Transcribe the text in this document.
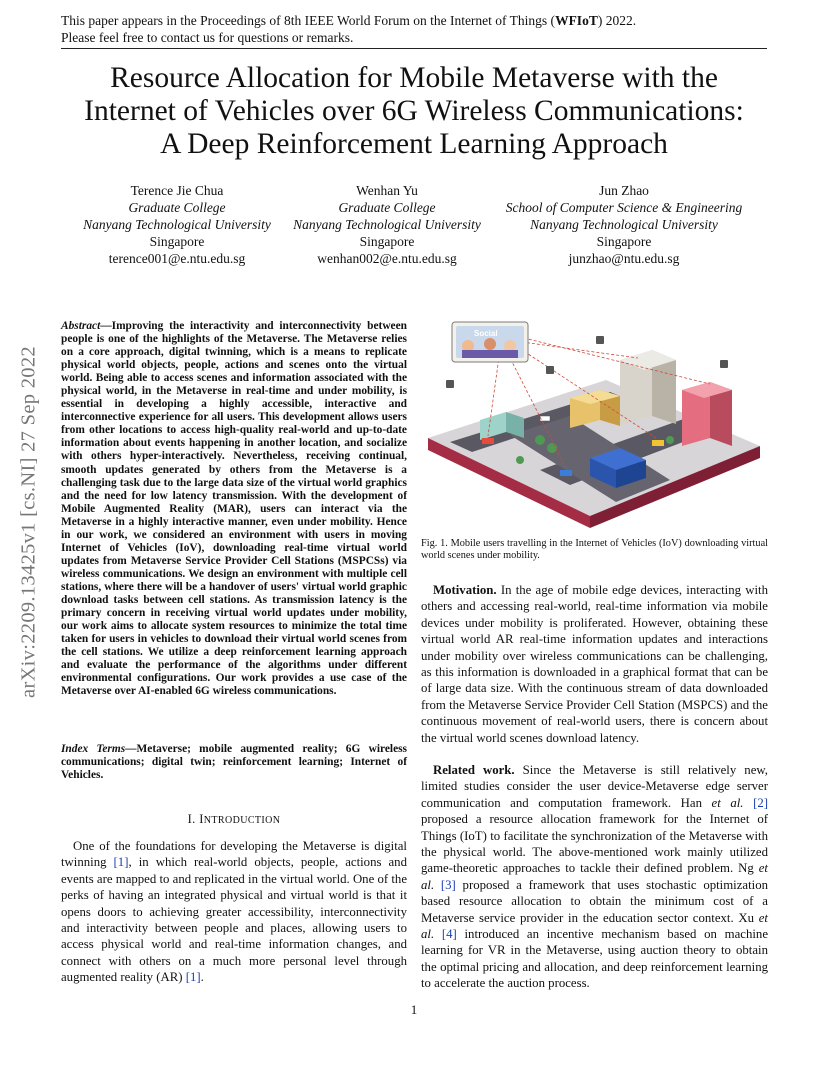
This paper appears in the Proceedings of 8th IEEE World Forum on the Internet of Things (WFIoT) 2022.
Please feel free to contact us for questions or remarks.
Resource Allocation for Mobile Metaverse with the
Internet of Vehicles over 6G Wireless Communications:
A Deep Reinforcement Learning Approach
Terence Jie Chua
Graduate College
Nanyang Technological University
Singapore
terence001@e.ntu.edu.sg
Wenhan Yu
Graduate College
Nanyang Technological University
Singapore
wenhan002@e.ntu.edu.sg
Jun Zhao
School of Computer Science & Engineering
Nanyang Technological University
Singapore
junzhao@ntu.edu.sg
arXiv:2209.13425v1 [cs.NI] 27 Sep 2022
Abstract—Improving the interactivity and interconnectivity between people is one of the highlights of the Metaverse. The Metaverse relies on a core approach, digital twinning, which is a means to replicate physical world objects, people, actions and scenes onto the virtual world. Being able to access scenes and information associated with the physical world, in the Metaverse in real-time and under mobility, is essential in developing a highly accessible, interactive and interconnective experience for all users. This development allows users from other locations to access high-quality real-world and up-to-date information about events happening in another location, and socialize with others hyper-interactively. Nevertheless, receiving continual, smooth updates generated by others from the Metaverse is a challenging task due to the large data size of the virtual world graphics and the need for low latency transmission. With the development of Mobile Augmented Reality (MAR), users can interact via the Metaverse in a highly interactive manner, even under mobility. Hence in our work, we considered an environment with users in moving Internet of Vehicles (IoV), downloading real-time virtual world updates from Metaverse Service Provider Cell Stations (MSPCSs) via wireless communications. We design an environment with multiple cell stations, where there will be a handover of users' virtual world graphic download tasks between cell stations. As transmission latency is the primary concern in receiving virtual world updates under mobility, our work aims to allocate system resources to minimize the total time taken for users in vehicles to download their virtual world scenes from the cell stations. We utilize a deep reinforcement learning approach and evaluate the performance of the algorithms under different environmental configurations. Our work provides a use case of the Metaverse over AI-enabled 6G wireless communications.
Index Terms—Metaverse; mobile augmented reality; 6G wireless communications; digital twin; reinforcement learning; Internet of Vehicles.
I. INTRODUCTION
One of the foundations for developing the Metaverse is digital twinning [1], in which real-world objects, people, actions and events are mapped to and replicated in the virtual world. One of the perks of having an integrated physical and virtual world is that it opens doors to achieving greater accessibility, interconnectivity and interactivity between people and places, allowing users to access physical world and real-time information changes, and connect with others on a much more personal level through augmented reality (AR) [1].
Social
Fig. 1. Mobile users travelling in the Internet of Vehicles (IoV) downloading virtual world scenes under mobility.
Motivation. In the age of mobile edge devices, interacting with others and accessing real-world, real-time information via mobile devices under mobility is proliferated. However, obtaining these virtual world AR real-time information updates and interactions under mobility over wireless communications can be challenging, as this information is downloaded in a graphical format that can be of large data size. With the continuous stream of data downloaded from the Metaverse Service Provider Cell Station (MSPCS) and the continuous movement of real-world users, there is concern about the virtual world scenes download latency.
Related work. Since the Metaverse is still relatively new, limited studies consider the user device-Metaverse edge server communication and computation framework. Han et al. [2] proposed a resource allocation framework for the Internet of Things (IoT) to facilitate the synchronization of the Metaverse with the physical world. The above-mentioned work mainly utilized game-theoretic approaches to tackle their defined problem. Ng et al. [3] proposed a framework that uses stochastic optimization based resource allocation to obtain the minimum cost of a Metaverse service provider in the education sector context. Xu et al. [4] introduced an incentive mechanism based on machine learning for VR in the Metaverse, using auction theory to obtain the optimal pricing and allocation, and deep reinforcement learning to accelerate the auction process.
1
